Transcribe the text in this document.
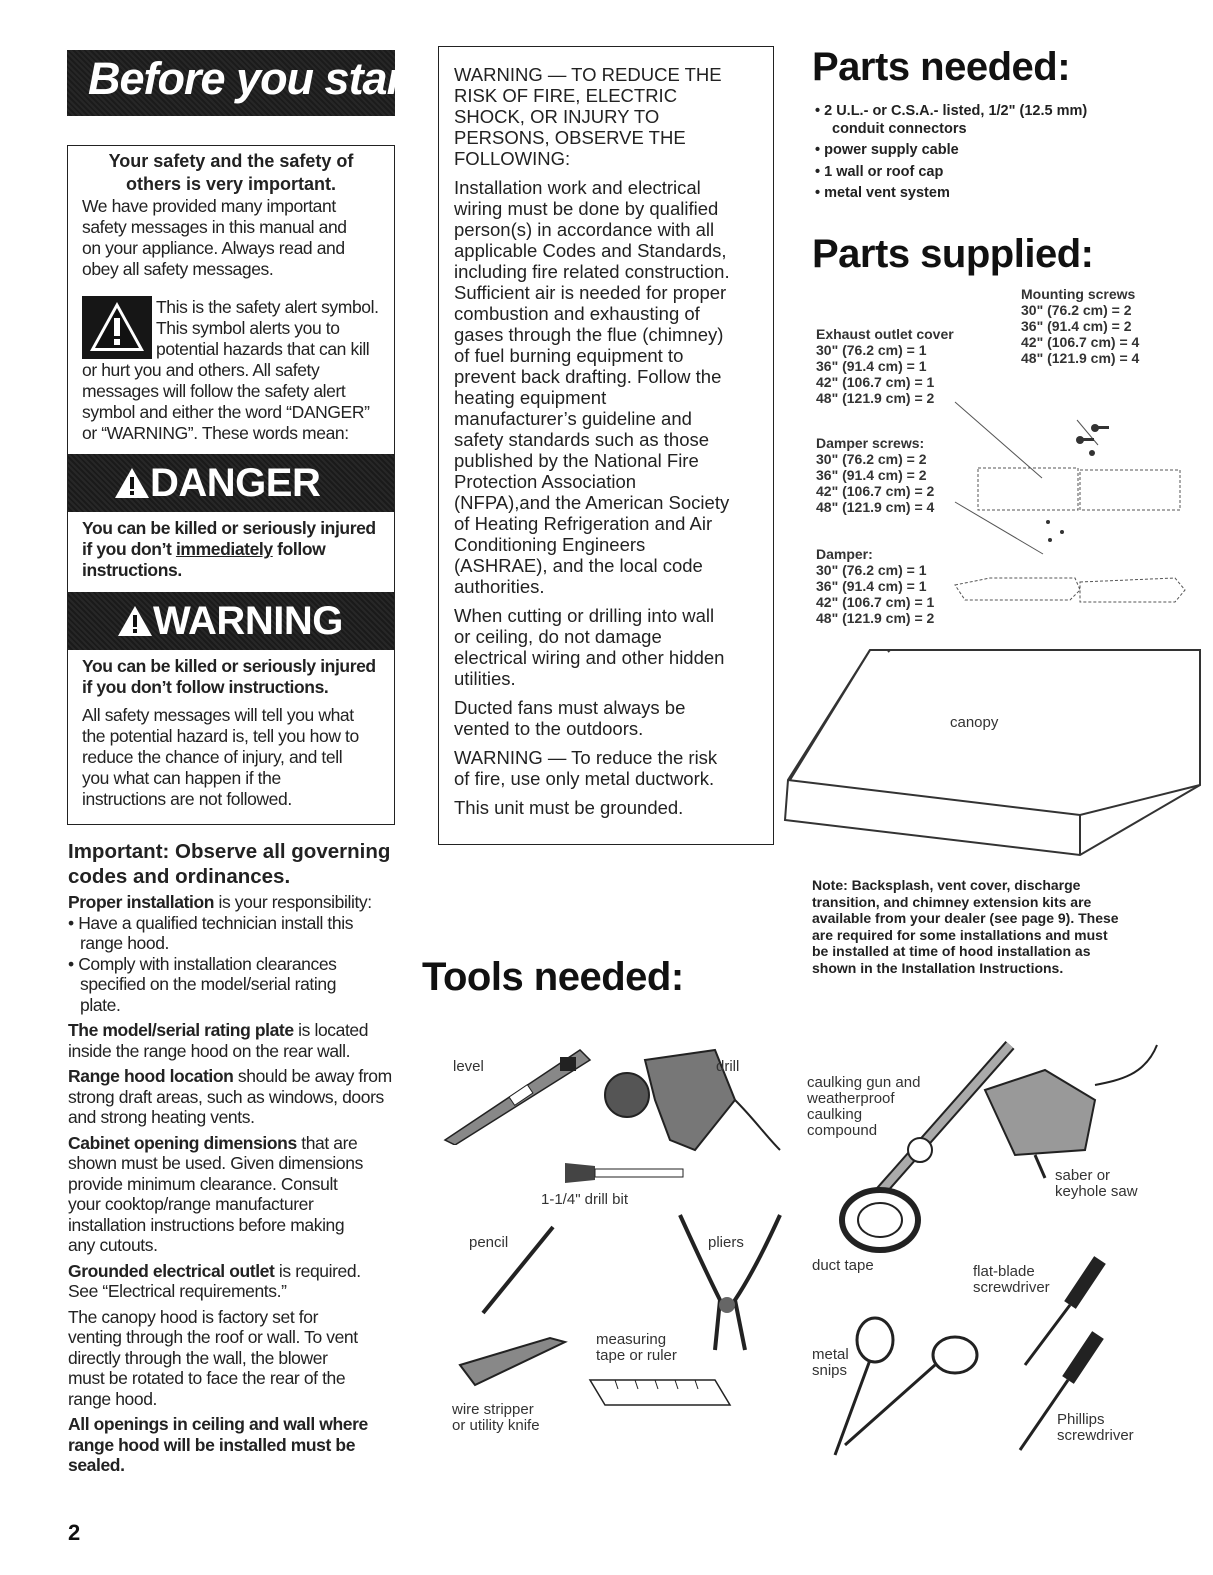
Before you start...
Your safety and the safety of
others is very important.
We have provided many important
safety messages in this manual and
on your appliance. Always read and
obey all safety messages.
This is the safety alert symbol.
This symbol alerts you to
potential hazards that can kill
or hurt you and others. All safety
messages will follow the safety alert
symbol and either the word “DANGER”
or “WARNING”. These words mean:
DANGER
You can be killed or seriously injured
if you don’t immediately follow
instructions.
WARNING
You can be killed or seriously injured
if you don’t follow instructions.
All safety messages will tell you what
the potential hazard is, tell you how to
reduce the chance of injury, and tell
you what can happen if the
instructions are not followed.
Important: Observe all governing
codes and ordinances.
Proper installation is your responsibility:
• Have a qualified technician install this
range hood.
• Comply with installation clearances
specified on the model/serial rating
plate.
The model/serial rating plate is located
inside the range hood on the rear wall.
Range hood location should be away from
strong draft areas, such as windows, doors
and strong heating vents.
Cabinet opening dimensions that are
shown must be used. Given dimensions
provide minimum clearance. Consult
your cooktop/range manufacturer
installation instructions before making
any cutouts.
Grounded electrical outlet is required.
See “Electrical requirements.”
The canopy hood is factory set for
venting through the roof or wall. To vent
directly through the wall, the blower
must be rotated to face the rear of the
range hood.
All openings in ceiling and wall where
range hood will be installed must be
sealed.
2
WARNING — TO REDUCE THE
RISK OF FIRE, ELECTRIC
SHOCK, OR INJURY TO
PERSONS, OBSERVE THE
FOLLOWING:
Installation work and electrical
wiring must be done by qualified
person(s) in accordance with all
applicable Codes and Standards,
including fire related construction.
Sufficient air is needed for proper
combustion and exhausting of
gases through the flue (chimney)
of fuel burning equipment to
prevent back drafting. Follow the
heating equipment
manufacturer’s guideline and
safety standards such as those
published by the National Fire
Protection Association
(NFPA),and the American Society
of Heating Refrigeration and Air
Conditioning Engineers
(ASHRAE), and the local code
authorities.
When cutting or drilling into wall
or ceiling, do not damage
electrical wiring and other hidden
utilities.
Ducted fans must always be
vented to the outdoors.
WARNING — To reduce the risk
of fire, use only metal ductwork.
This unit must be grounded.
Tools needed:
Parts needed:
• 2 U.L.- or C.S.A.- listed, 1/2" (12.5 mm)
conduit connectors
• power supply cable
• 1 wall or roof cap
• metal vent system
Parts supplied:
Mounting screws
30" (76.2 cm) = 2
36" (91.4 cm) = 2
42" (106.7 cm) = 4
48" (121.9 cm) = 4
Exhaust outlet cover
30" (76.2 cm) = 1
36" (91.4 cm) = 1
42" (106.7 cm) = 1
48" (121.9 cm) = 2
Damper screws:
30" (76.2 cm) = 2
36" (91.4 cm) = 2
42" (106.7 cm) = 2
48" (121.9 cm) = 4
Damper:
30" (76.2 cm) = 1
36" (91.4 cm) = 1
42" (106.7 cm) = 1
48" (121.9 cm) = 2
canopy
Note: Backsplash, vent cover, discharge
transition, and chimney extension kits are
available from your dealer (see page 9). These
are required for some installations and must
be installed at time of hood installation as
shown in the Installation Instructions.
level	drill
1-1/4" drill bit
pencil	pliers
wire stripper
or utility knife
measuring
tape or ruler
caulking gun and
weatherproof
caulking
compound
saber or
keyhole saw
duct tape	flat-blade
screwdriver
metal
snips
Phillips
screwdriver
